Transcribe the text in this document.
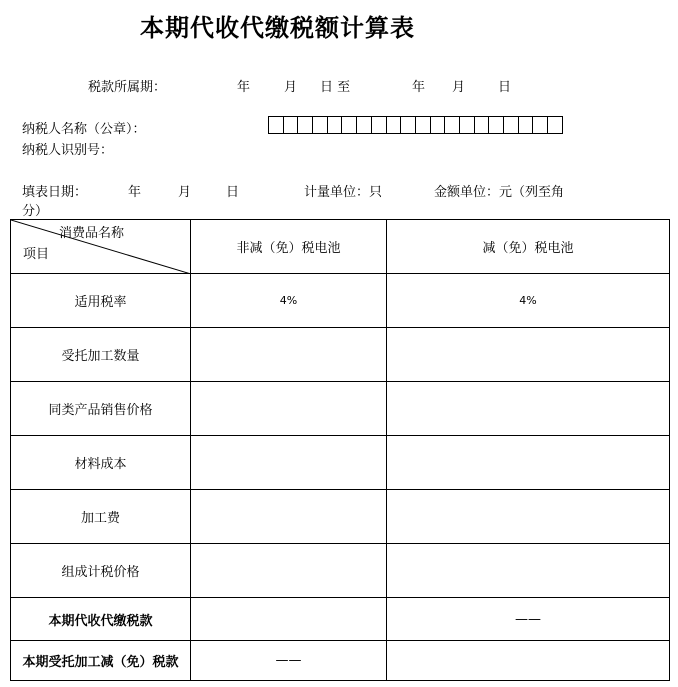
本期代收代缴税额计算表
税款所属期：	年	月 日 至	年 月	日
纳税人名称（公章）：
纳税人识别号：
填表日期：	年	月	日	计量单位：只	金额单位：元（列至角
分）
消费品名称
项目	非减（免）税电池	减（免）税电池
适用税率	4%	4%
受托加工数量		
同类产品销售价格		
材料成本		
加工费		
组成计税价格		
本期代收代缴税款		——
本期受托加工减（免）税款	——	
